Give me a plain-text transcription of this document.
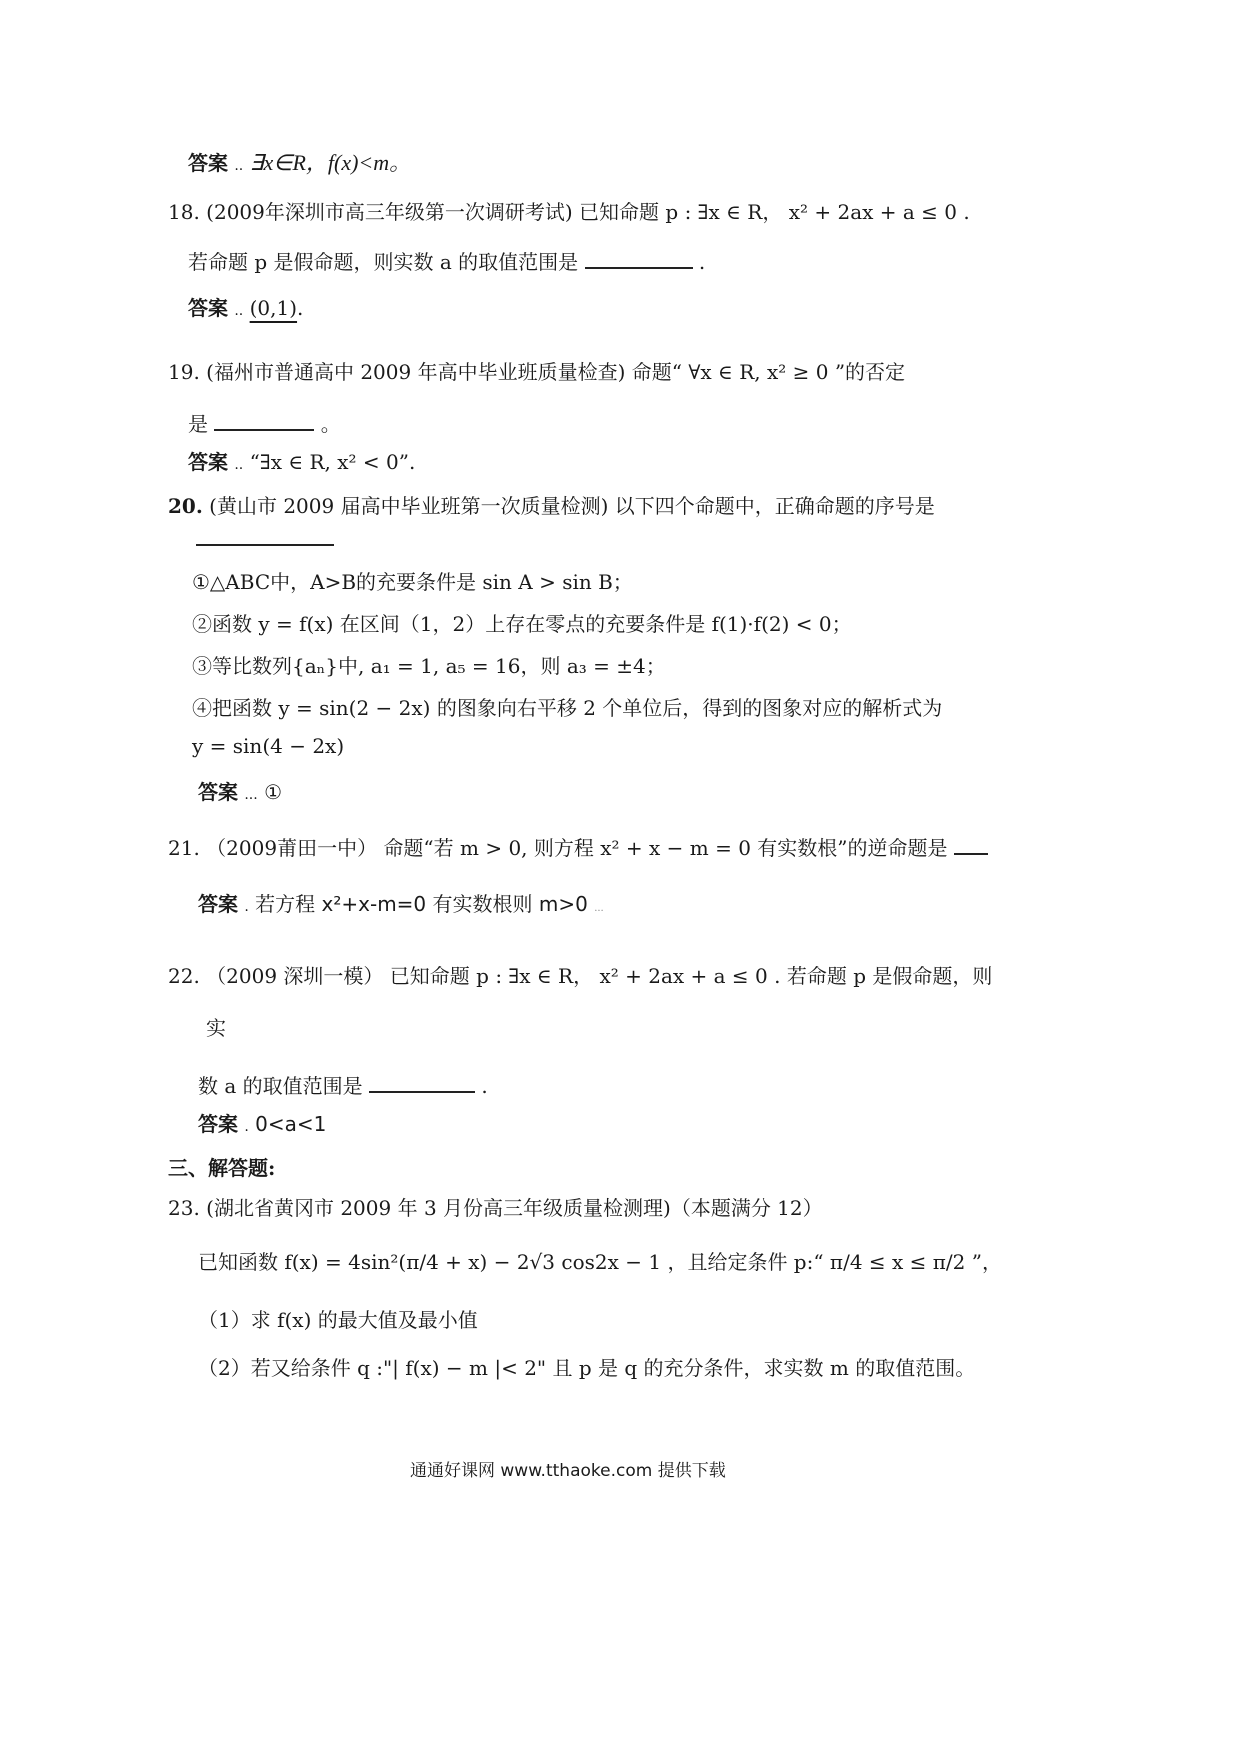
答案 .. ∃x∈R，f(x)<m。
18. (2009年深圳市高三年级第一次调研考试) 已知命题 p : ∃x ∈ R， x² + 2ax + a ≤ 0 .
若命题 p 是假命题，则实数 a 的取值范围是	.
答案 .. (0,1).
19. (福州市普通高中 2009 年高中毕业班质量检查) 命题“ ∀x ∈ R, x² ≥ 0 ”的否定
是	。
答案 .. “∃x ∈ R, x² < 0”.
20. (黄山市 2009 届高中毕业班第一次质量检测) 以下四个命题中，正确命题的序号是
①△ABC中，A>B的充要条件是 sin A > sin B；
②函数 y = f(x) 在区间（1，2）上存在零点的充要条件是 f(1)·f(2) < 0；
③等比数列{aₙ}中, a₁ = 1, a₅ = 16，则 a₃ = ±4；
④把函数 y = sin(2 − 2x) 的图象向右平移 2 个单位后，得到的图象对应的解析式为
y = sin(4 − 2x)
答案 ... ①
21. （2009莆田一中） 命题“若 m > 0, 则方程 x² + x − m = 0 有实数根”的逆命题是
答案 . 若方程 x²+x-m=0 有实数根则 m>0 ...
22. （2009 深圳一模） 已知命题 p : ∃x ∈ R， x² + 2ax + a ≤ 0 . 若命题 p 是假命题，则
实
数 a 的取值范围是	.
答案 . 0<a<1
三、解答题:
23. (湖北省黄冈市 2009 年 3 月份高三年级质量检测理)（本题满分 12）
已知函数 f(x) = 4sin²(π/4 + x) − 2√3 cos2x − 1 ，且给定条件 p:“ π/4 ≤ x ≤ π/2 ”，
（1）求 f(x) 的最大值及最小值
（2）若又给条件 q :"| f(x) − m |< 2" 且 p 是 q 的充分条件，求实数 m 的取值范围。
通通好课网 www.tthaoke.com 提供下载
